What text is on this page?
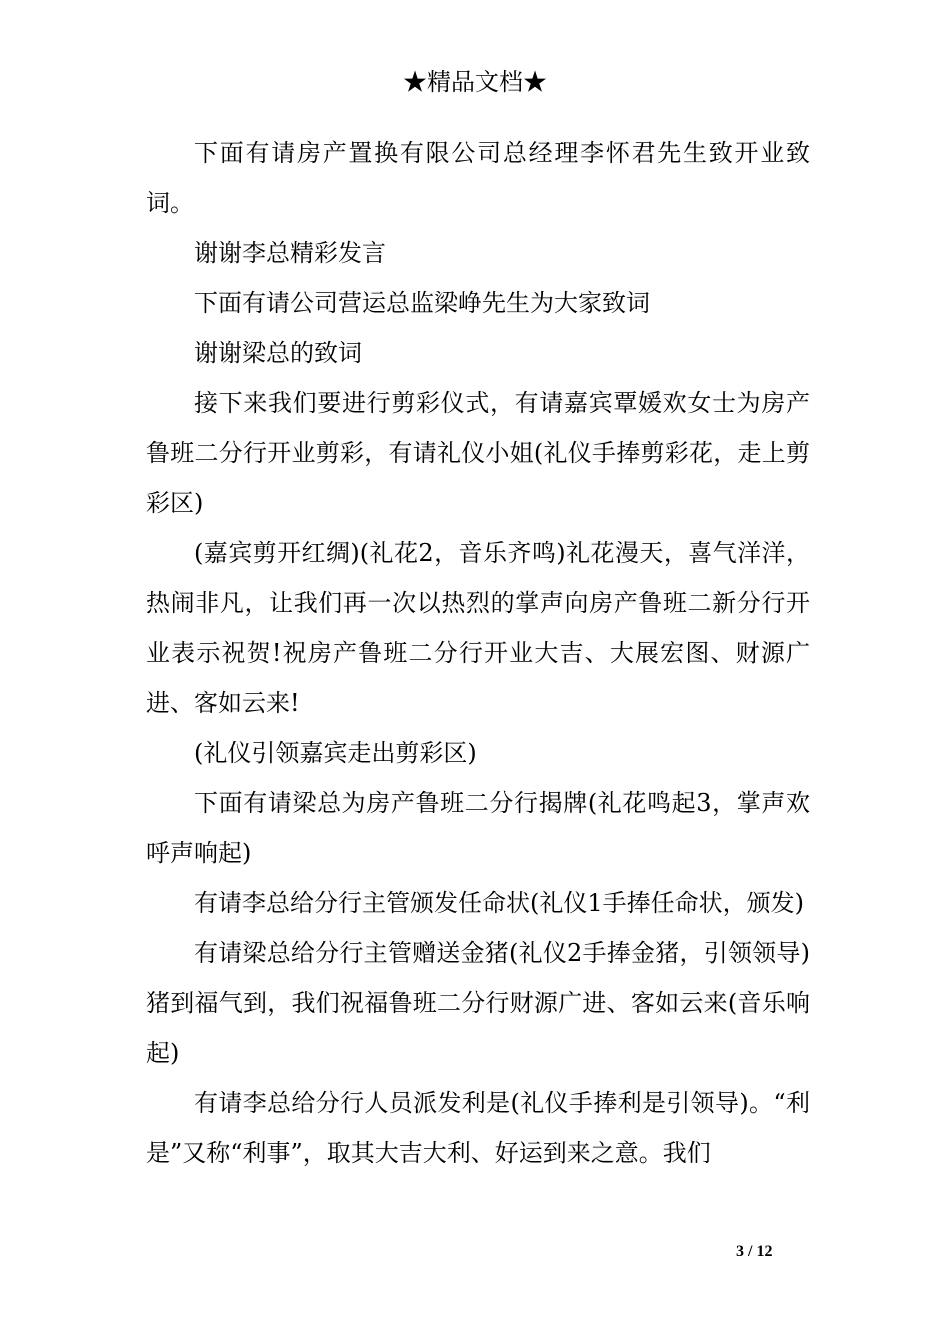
★精品文档★

下面有请房产置换有限公司总经理李怀君先生致开业致词。

谢谢李总精彩发言

下面有请公司营运总监梁峥先生为大家致词

谢谢梁总的致词

接下来我们要进行剪彩仪式，有请嘉宾覃媛欢女士为房产鲁班二分行开业剪彩，有请礼仪小姐(礼仪手捧剪彩花，走上剪彩区)

(嘉宾剪开红绸)(礼花2，音乐齐鸣)礼花漫天，喜气洋洋，热闹非凡，让我们再一次以热烈的掌声向房产鲁班二新分行开业表示祝贺!祝房产鲁班二分行开业大吉、大展宏图、财源广进、客如云来!

(礼仪引领嘉宾走出剪彩区)

下面有请梁总为房产鲁班二分行揭牌(礼花鸣起3，掌声欢呼声响起)

有请李总给分行主管颁发任命状(礼仪1手捧任命状，颁发)

有请梁总给分行主管赠送金猪(礼仪2手捧金猪，引领领导)猪到福气到，我们祝福鲁班二分行财源广进、客如云来(音乐响起)

有请李总给分行人员派发利是(礼仪手捧利是引领导)。“利是”又称“利事”，取其大吉大利、好运到来之意。我们

3 / 12
